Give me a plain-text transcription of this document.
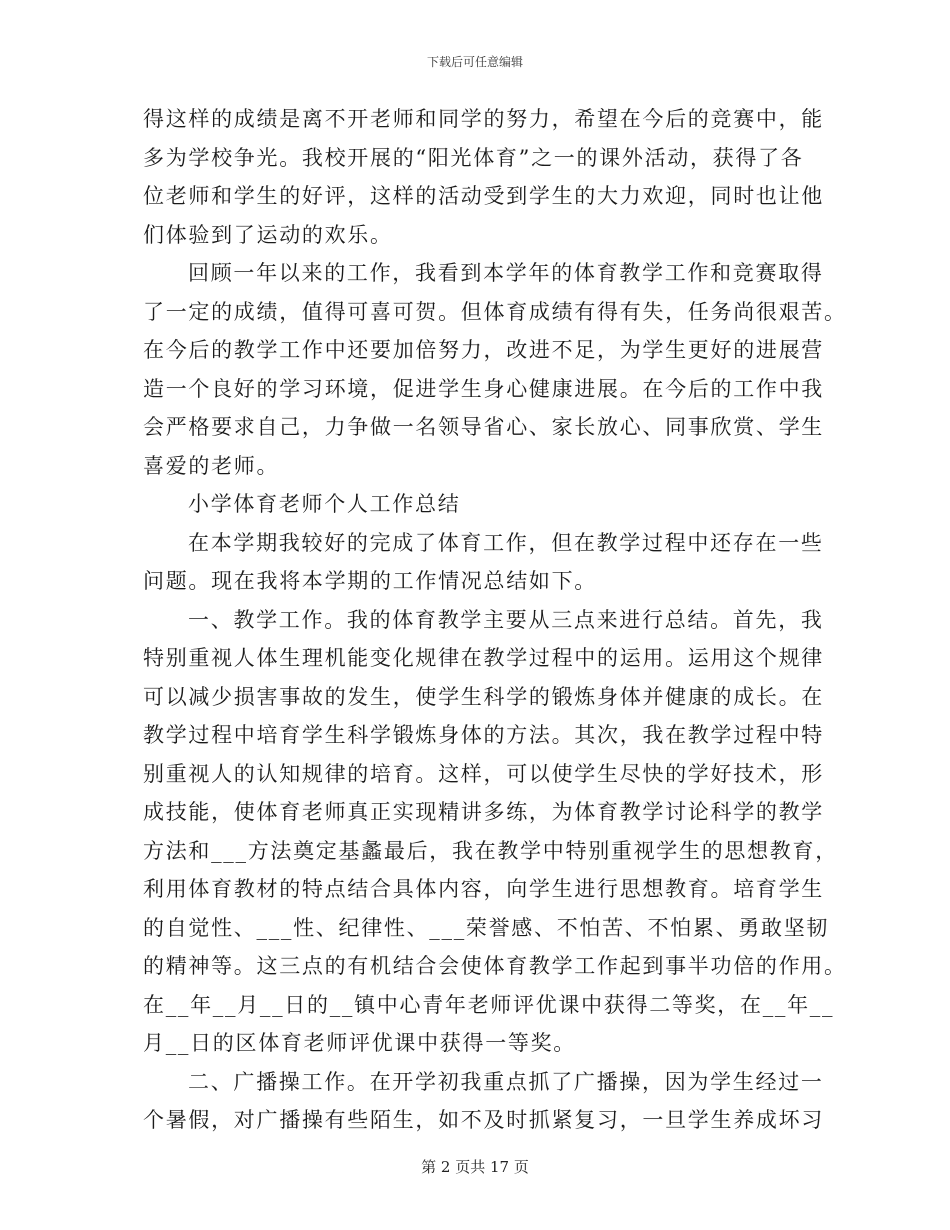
下载后可任意编辑
得这样的成绩是离不开老师和同学的努力，希望在今后的竞赛中，能
多为学校争光。我校开展的“阳光体育”之一的课外活动，获得了各
位老师和学生的好评，这样的活动受到学生的大力欢迎，同时也让他
们体验到了运动的欢乐。
回顾一年以来的工作，我看到本学年的体育教学工作和竞赛取得
了一定的成绩，值得可喜可贺。但体育成绩有得有失，任务尚很艰苦。
在今后的教学工作中还要加倍努力，改进不足，为学生更好的进展营
造一个良好的学习环境，促进学生身心健康进展。在今后的工作中我
会严格要求自己，力争做一名领导省心、家长放心、同事欣赏、学生
喜爱的老师。
小学体育老师个人工作总结
在本学期我较好的完成了体育工作，但在教学过程中还存在一些
问题。现在我将本学期的工作情况总结如下。
一、教学工作。我的体育教学主要从三点来进行总结。首先，我
特别重视人体生理机能变化规律在教学过程中的运用。运用这个规律
可以减少损害事故的发生，使学生科学的锻炼身体并健康的成长。在
教学过程中培育学生科学锻炼身体的方法。其次，我在教学过程中特
别重视人的认知规律的培育。这样，可以使学生尽快的学好技术，形
成技能，使体育老师真正实现精讲多练，为体育教学讨论科学的教学
方法和___方法奠定基蠡最后，我在教学中特别重视学生的思想教育，
利用体育教材的特点结合具体内容，向学生进行思想教育。培育学生
的自觉性、___性、纪律性、___荣誉感、不怕苦、不怕累、勇敢坚韧
的精神等。这三点的有机结合会使体育教学工作起到事半功倍的作用。
在__年__月__日的__镇中心青年老师评优课中获得二等奖，在__年__
月__日的区体育老师评优课中获得一等奖。
二、广播操工作。在开学初我重点抓了广播操，因为学生经过一
个暑假，对广播操有些陌生，如不及时抓紧复习，一旦学生养成坏习
第 2 页共 17 页
